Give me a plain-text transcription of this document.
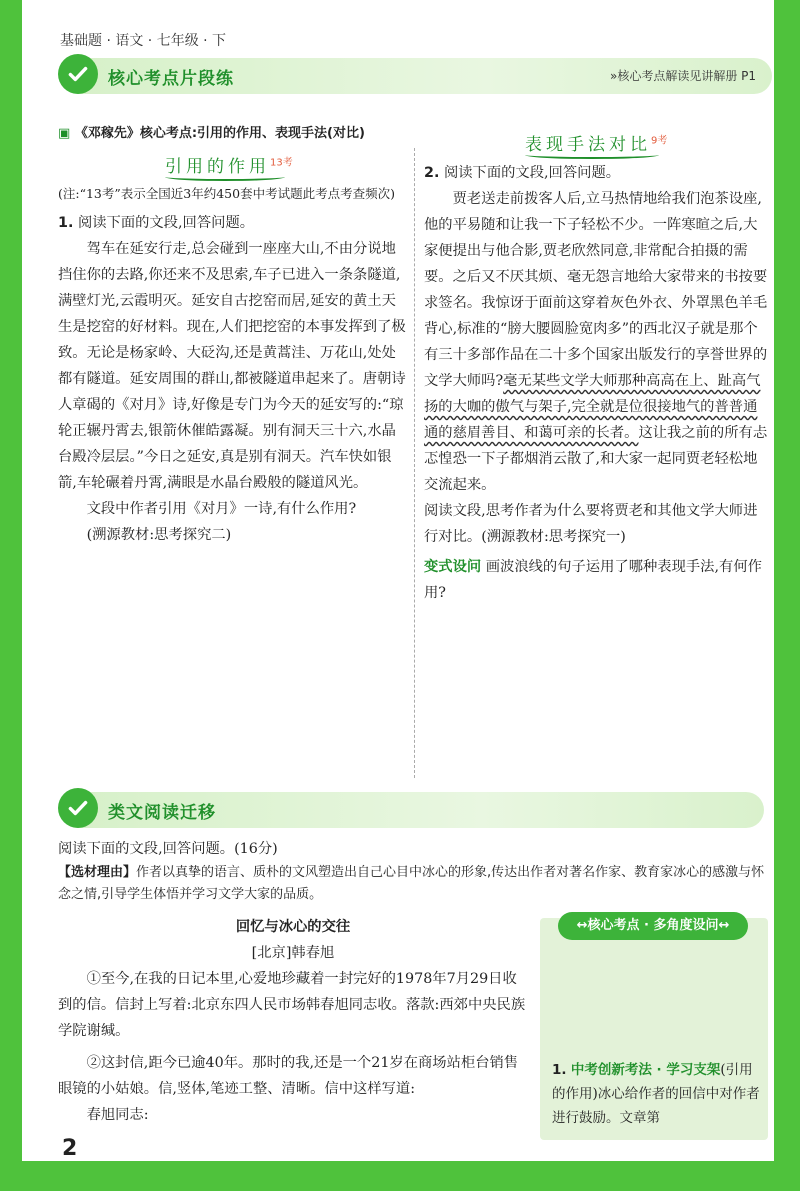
基础题 · 语文 · 七年级 · 下
核心考点片段练	»核心考点解读见讲解册 P1
▣ 《邓稼先》核心考点:引用的作用、表现手法(对比)
引用的作用$^{13考}$

(注:“13考”表示全国近3年约450套中考试题此考点考查频次)

1. 阅读下面的文段,回答问题。

驾车在延安行走,总会碰到一座座大山,不由分说地挡住你的去路,你还来不及思索,车子已进入一条条隧道,满壁灯光,云霞明灭。延安自古挖窑而居,延安的黄土天生是挖窑的好材料。现在,人们把挖窑的本事发挥到了极致。无论是杨家岭、大砭沟,还是黄蒿洼、万花山,处处都有隧道。延安周围的群山,都被隧道串起来了。唐朝诗人章碣的《对月》诗,好像是专门为今天的延安写的:“琼轮正辗丹霄去,银箭休催皓露凝。别有洞天三十六,水晶台殿冷层层。”今日之延安,真是别有洞天。汽车快如银箭,车轮碾着丹霄,满眼是水晶台殿般的隧道风光。

文段中作者引用《对月》一诗,有什么作用?

(溯源教材:思考探究二)

表现手法对比$^{9考}$

2. 阅读下面的文段,回答问题。

贾老送走前拨客人后,立马热情地给我们泡茶设座,他的平易随和让我一下子轻松不少。一阵寒暄之后,大家便提出与他合影,贾老欣然同意,非常配合拍摄的需要。之后又不厌其烦、毫无怨言地给大家带来的书按要求签名。我惊讶于面前这穿着灰色外衣、外罩黑色羊毛背心,标准的“膀大腰圆脸宽肉多”的西北汉子就是那个有三十多部作品在二十多个国家出版发行的享誉世界的文学大师吗?毫无某些文学大师那种高高在上、趾高气扬的大咖的傲气与架子,完全就是位很接地气的普普通通的慈眉善目、和蔼可亲的长者。这让我之前的所有忐忑惶恐一下子都烟消云散了,和大家一起同贾老轻松地交流起来。

阅读文段,思考作者为什么要将贾老和其他文学大师进行对比。(溯源教材:思考探究一)

变式设问 画波浪线的句子运用了哪种表现手法,有何作用?

类文阅读迁移

阅读下面的文段,回答问题。(16分)

【选材理由】作者以真挚的语言、质朴的文风塑造出自己心目中冰心的形象,传达出作者对著名作家、教育家冰心的感激与怀念之情,引导学生体悟并学习文学大家的品质。

回忆与冰心的交往

[北京]韩春旭

①至今,在我的日记本里,心爱地珍藏着一封完好的1978年7月29日收到的信。信封上写着:北京东四人民市场韩春旭同志收。落款:西郊中央民族学院谢缄。

②这封信,距今已逾40年。那时的我,还是一个21岁在商场站柜台销售眼镜的小姑娘。信,竖体,笔迹工整、清晰。信中这样写道:

春旭同志:

↔核心考点 · 多角度设问↔
1. 中考创新考法 · 学习支架(引用的作用)冰心给作者的回信中对作者进行鼓励。文章第
2
